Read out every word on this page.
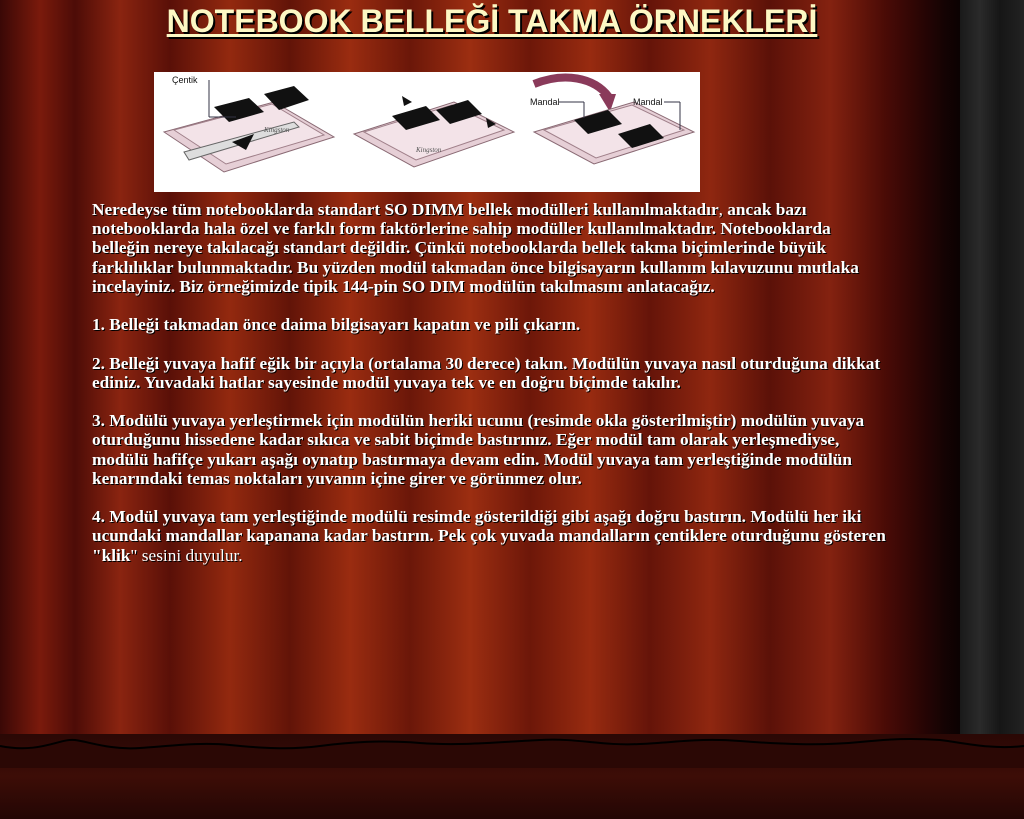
NOTEBOOK BELLEĞİ TAKMA ÖRNEKLERİ
Çentik
Kingston
Kingston
Mandal	Mandal

Neredeyse tüm notebooklarda standart SO DIMM bellek modülleri kullanılmaktadır, ancak bazı notebooklarda hala özel ve farklı form faktörlerine sahip modüller kullanılmaktadır. Notebooklarda belleğin nereye takılacağı standart değildir. Çünkü notebooklarda bellek takma biçimlerinde büyük farklılıklar bulunmaktadır. Bu yüzden modül takmadan önce bilgisayarın kullanım kılavuzunu mutlaka incelayiniz. Biz örneğimizde tipik 144-pin SO DIM modülün takılmasını anlatacağız.

1. Belleği takmadan önce daima bilgisayarı kapatın ve pili çıkarın.

2. Belleği yuvaya hafif eğik bir açıyla (ortalama 30 derece) takın. Modülün yuvaya nasıl oturduğuna dikkat ediniz. Yuvadaki hatlar sayesinde modül yuvaya tek ve en doğru biçimde takılır.

3. Modülü yuvaya yerleştirmek için modülün heriki ucunu (resimde okla gösterilmiştir) modülün yuvaya oturduğunu hissedene kadar sıkıca ve sabit biçimde bastırınız. Eğer modül tam olarak yerleşmediyse, modülü hafifçe yukarı aşağı oynatıp bastırmaya devam edin. Modül yuvaya tam yerleştiğinde modülün kenarındaki temas noktaları yuvanın içine girer ve görünmez olur.

4. Modül yuvaya tam yerleştiğinde modülü resimde gösterildiği gibi aşağı doğru bastırın. Modülü her iki ucundaki mandallar kapanana kadar bastırın. Pek çok yuvada mandalların çentiklere oturduğunu gösteren "klik" sesini duyulur.
